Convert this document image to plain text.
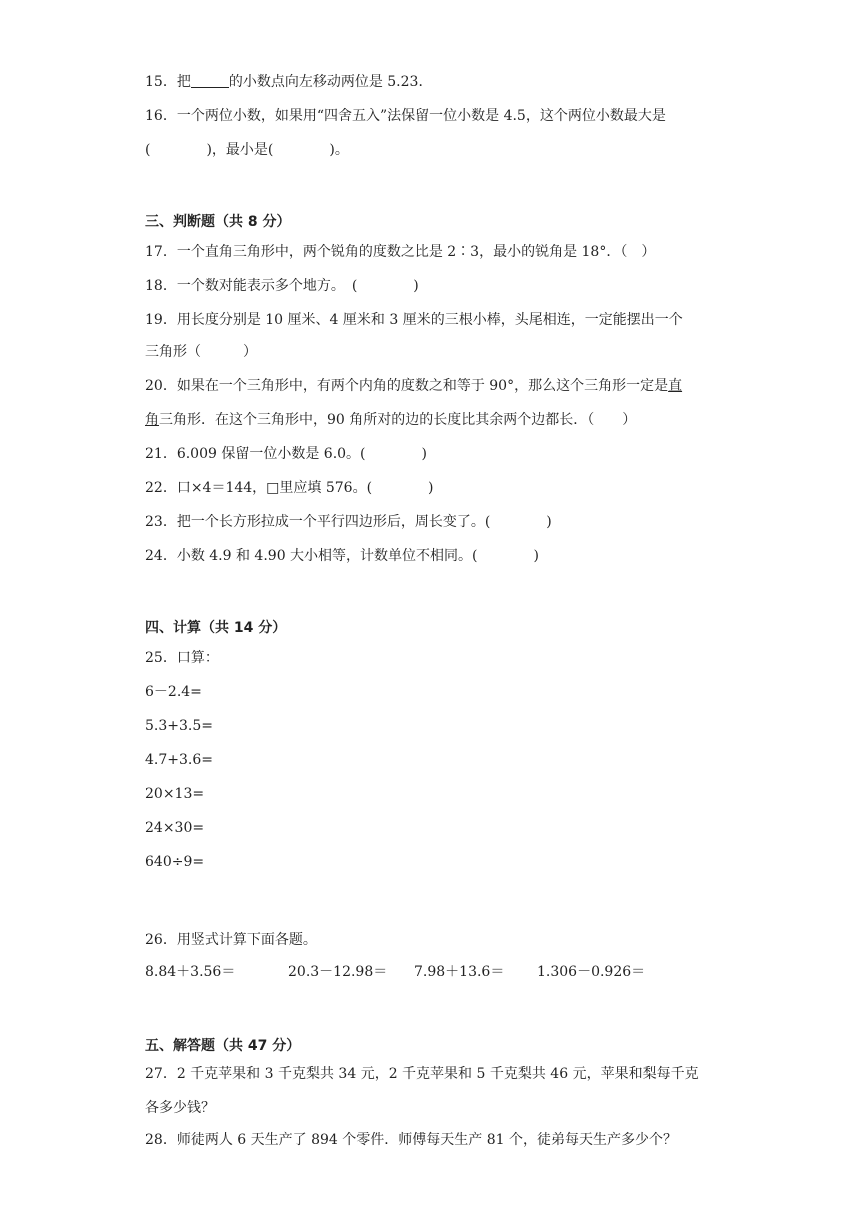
15．把	的小数点向左移动两位是 5.23．
16．一个两位小数，如果用“四舍五入”法保留一位小数是 4.5，这个两位小数最大是
(　　　　)，最小是(　　　　)。
三、判断题（共 8 分）
17．一个直角三角形中，两个锐角的度数之比是 2∶3，最小的锐角是 18°．（　）
18．一个数对能表示多个地方。　(　　　　)
19．用长度分别是 10 厘米、4 厘米和 3 厘米的三根小棒，头尾相连，一定能摆出一个
三角形（　　　）
20．如果在一个三角形中，有两个内角的度数之和等于 90°，那么这个三角形一定是直
角三角形．在这个三角形中，90 角所对的边的长度比其余两个边都长．（　　）
21．6.009 保留一位小数是 6.0。(　　　　)
22．口×4＝144，□里应填 576。(　　　　)
23．把一个长方形拉成一个平行四边形后，周长变了。(　　　　)
24．小数 4.9 和 4.90 大小相等，计数单位不相同。(　　　　)
四、计算（共 14 分）
25．口算：
6－2.4=
5.3+3.5=
4.7+3.6=
20×13=
24×30=
640÷9=
26．用竖式计算下面各题。
8.84＋3.56＝	20.3－12.98＝ 7.98＋13.6＝ 1.306－0.926＝
五、解答题（共 47 分）
27．2 千克苹果和 3 千克梨共 34 元，2 千克苹果和 5 千克梨共 46 元，苹果和梨每千克
各多少钱？
28．师徒两人 6 天生产了 894 个零件．师傅每天生产 81 个，徒弟每天生产多少个？
